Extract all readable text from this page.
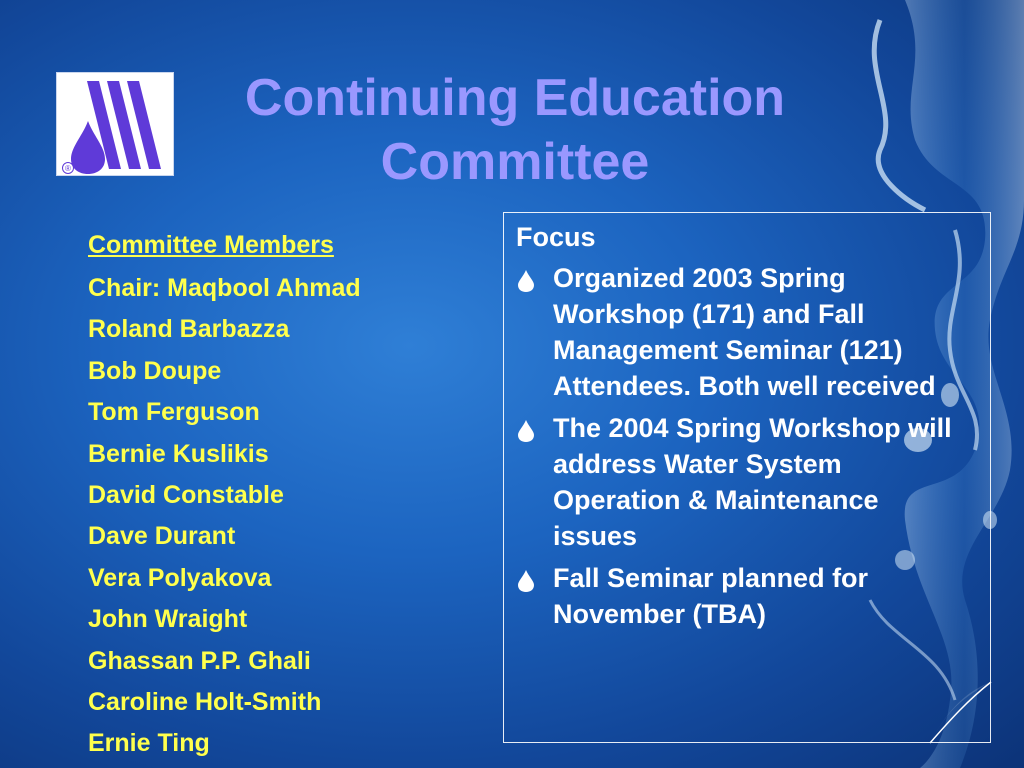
®
Continuing Education
Committee
Committee Members
Chair: Maqbool Ahmad
Roland Barbazza
Bob Doupe
Tom Ferguson
Bernie Kuslikis
David Constable
Dave Durant
Vera Polyakova
John Wraight
Ghassan P.P. Ghali
Caroline Holt-Smith
Ernie Ting
Focus
Organized 2003 Spring Workshop (171) and Fall Management Seminar (121) Attendees. Both well received
The 2004 Spring Workshop will address Water System Operation & Maintenance issues
Fall Seminar planned for November (TBA)
